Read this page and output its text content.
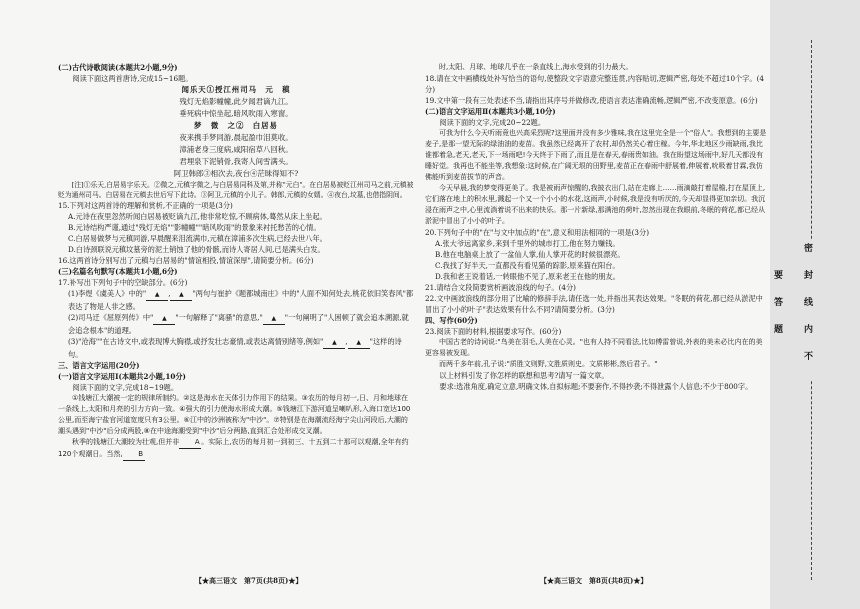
(二)古代诗歌阅读(本题共2小题,9分)

阅读下面这两首唐诗,完成15~16题。

闻乐天①授江州司马　元　稹

残灯无焰影幢幢,此夕闻君谪九江。

垂死病中惊坐起,暗风吹雨入寒窗。

梦　微　之②　白居易

夜来携手梦同游,晨起盈巾泪莫收。

漳浦老身三度病,咸阳宿草八回秋。

君埋泉下泥销骨,我寄人间雪满头。

阿卫韩郎③相次去,夜台④茫昧得知不?

[注]①乐天,白居易字乐天。②微之,元稹字微之,与白居易同科及第,并称"元白"。在白居易被贬江州司马之前,元稹被贬为通州司马。白居易在元稹去世后写下此诗。③阿卫,元稹的小儿子。韩郎,元稹的女婿。④夜台,坟墓,也借指阴间。

15.下列对这两首诗的理解和赏析,不正确的一项是(3分)

A.元诗在夜里忽然听闻白居易被贬谪九江,他非常吃惊,不顾病体,蓦然从床上坐起。

B.元诗结构严谨,通过"残灯无焰""影幢幢""暗风吹雨"的景象来衬托愁苦的心情。

C.白居易做梦与元稹同游,早晨醒来泪流满巾,元稹在漳浦多次生病,已经去世八年。

D.白诗颈联说元稹坟墓旁的泥土销蚀了他的骨骸,而诗人寄居人间,已是满头白发。

16.这两首诗分别写出了元稹与白居易的"情谊相投,情谊深厚",请简要分析。(6分)

(三)名篇名句默写(本题共1小题,6分)

17.补写出下列句子中的空缺部分。(6分)

(1)李煜《虞美人》中的" ▲ , ▲ "两句与崔护《题都城南庄》中的"人面不知何处去,桃花依旧笑春风"都表达了物是人非之感。

(2)司马迁《屈原列传》中" ▲ "一句解释了"离骚"的意思," ▲ "一句阐明了"人困顿了就会追本溯源,就会追念根本"的道理。

(3)"沧海""在古诗文中,或表现博大胸襟,或抒发壮志豪情,或表达离情别绪等,例如" ▲ , ▲ "这样的诗句。

三、语言文字运用(20分)

(一)语言文字运用Ⅰ(本题共2小题,10分)

阅读下面的文字,完成18~19题。

①钱塘江大潮被一定的规律所制约。②这是海水在天体引力作用下的结果。③农历的每月初一,日、月和地球在一条线上,太阳和月亮的引力方向一致。④强大的引力使海水形成大潮。⑤钱塘江下游河道呈喇叭形,入海口宽达100公里,而至海宁盐官河道宽度只有3公里。⑥江中的沙洲被称为"中沙"。⑦特别是在海潮流经海宁尖山河段后,大潮的潮头遇到"中沙"后分成两股,⑧在中途海潮受到"中沙"后分两路,直到汇合处形成交叉潮。

秋季的钱塘江大潮较为壮观,但并非 A 。实际上,农历的每月初一到初三、十五到二十那可以观潮,全年有约120个观潮日。当然, B

【★高三语文　第7页(共8页)★】

时,太阳、月球、地球几乎在一条直线上,海水受到的引力最大。

18.请在文中画横线处补写恰当的语句,使整段文字语意完整连贯,内容贴切,逻辑严密,每处不超过10个字。(4分)

19.文中第一段有三处表述不当,请指出其序号并做修改,使语言表达准确流畅,逻辑严密,不改变原意。(6分)

(二)语言文字运用Ⅱ(本题共3小题,10分)

阅读下面的文字,完成20~22题。

可我为什么今天听雨竟也兴高采烈呢?这里面并没有多少雅味,我在这里完全是一个"俗人"。我想到的主要是麦子,是那一望无际的绿油油的麦苗。我虽然已经离开了农村,却仍然关心着庄稼。今年,华北地区少雨缺雨,我比谁都着急,老天,老天,下一场雨吧!今天终于下雨了,而且是在春天,春雨贵如油。我在盼望这场雨中,好几天都没有睡好觉。我再也不能坐等,我想象:这时候,在广阔无垠的田野里,麦苗正在春雨中舒展着,伸展着,吮吸着甘霖,我仿佛能听到麦苗拔节的声音。

今天早晨,我的梦变得更美了。我是被雨声惊醒的,我披衣出门,站在走廊上……雨滴敲打着屋檐,打在屋顶上,它们落在地上的积水里,溅起一个又一个小小的水花,这雨声,小时候,我是没有听厌的,今天却显得更加亲切。我沉浸在雨声之中,心里流淌着说不出来的快乐。那一片新绿,那满池的荷叶,忽然出现在我眼前,冬眠的荷花,都已经从淤泥中冒出了小小的叶子。

20.下列句子中的"在"与文中加点的"在",意义和用法相同的一项是(3分)

A.张大爷远离家乡,来到千里外的城市打工,他在努力赚钱。

B.他在电脑桌上放了一盆仙人掌,仙人掌开花的时候很漂亮。

C.我找了好半天,一直都没有看见猫的踪影,原来猫在阳台。

D.我和老王说着话,一转眼他不见了,原来老王在他的朋友。

21.请结合文段简要赏析画波浪线的句子。(4分)

22.文中画波浪线的部分用了比喻的修辞手法,请任选一处,并指出其表达效果。"冬眠的荷花,都已经从淤泥中冒出了小小的叶子"表达效果有什么不同?请简要分析。(3分)

四、写作(60分)

23.阅读下面的材料,根据要求写作。(60分)

中国古老的诗词说:"鸟美在羽毛,人美在心灵。"也有人持不同看法,比如傅雷曾说,外表的美未必比内在的美更容易被发现。

而两千多年前,孔子说:"质胜文则野,文胜质则史。文质彬彬,然后君子。"

以上材料引发了你怎样的联想和思考?请写一篇文章。

要求:选准角度,确定立意,明确文体,自拟标题;不要套作,不得抄袭;不得泄露个人信息;不少于800字。

【★高三语文　第8页(共8页)★】
密封线内不要答题
